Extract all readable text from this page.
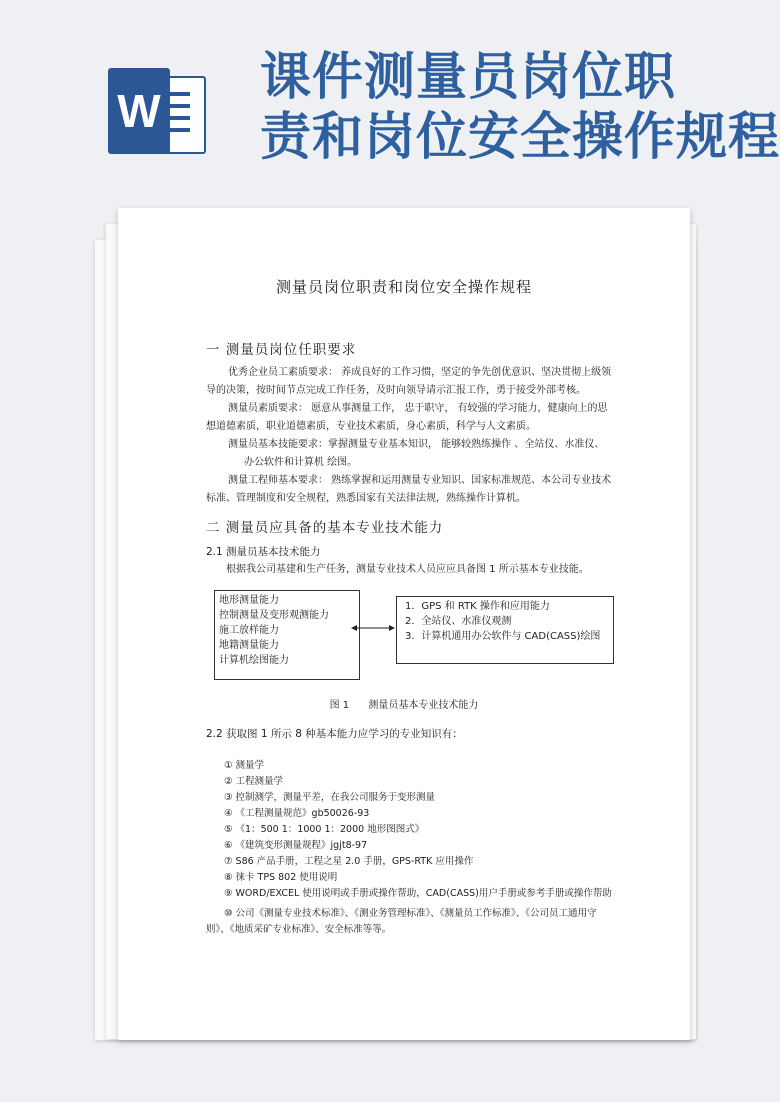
W
课件测量员岗位职
责和岗位安全操作规程
测量员岗位职责和岗位安全操作规程
一 测量员岗位任职要求

优秀企业员工素质要求： 养成良好的工作习惯，坚定的争先创优意识、坚决贯彻上级领导的决策，按时间节点完成工作任务，及时向领导请示汇报工作，勇于接受外部考核。

测量员素质要求： 愿意从事测量工作， 忠于职守， 有较强的学习能力，健康向上的思想道德素质，职业道德素质，专业技术素质，身心素质，科学与人文素质。

测量员基本技能要求：掌握测量专业基本知识， 能够较熟练操作 、全站仪、水准仪、

办公软件和计算机 绘图。

测量工程师基本要求： 熟练掌握和运用测量专业知识、国家标准规范、本公司专业技术标准、管理制度和安全规程，熟悉国家有关法律法规，熟练操作计算机。

二 测量员应具备的基本专业技术能力
2.1 测量员基本技术能力
根据我公司基建和生产任务，测量专业技术人员应应具备图 1 所示基本专业技能。
地形测量能力
控制测量及变形观测能力
施工放样能力
地籍测量能力
计算机绘图能力
1．GPS 和 RTK 操作和应用能力
2．全站仪、水准仪观测
3．计算机通用办公软件与 CAD(CASS)绘图
图 1 测量员基本专业技术能力
2.2 获取图 1 所示 8 种基本能力应学习的专业知识有：
① 测量学
② 工程测量学
③ 控制测学，测量平差，在我公司服务于变形测量
④ 《工程测量规范》gb50026-93
⑤ 《1：500 1：1000 1：2000 地形图图式》
⑥ 《建筑变形测量规程》jgjt8-97
⑦ S86 产品手册，工程之星 2.0 手册，GPS-RTK 应用操作
⑧ 徕卡 TPS 802 使用说明
⑨ WORD/EXCEL 使用说明或手册或操作帮助，CAD(CASS)用户手册或参考手册或操作帮助
⑩ 公司《测量专业技术标准》、《测业务管理标准》、《测量员工作标准》、《公司员工通用守则》、《地质采矿专业标准》、安全标准等等。
